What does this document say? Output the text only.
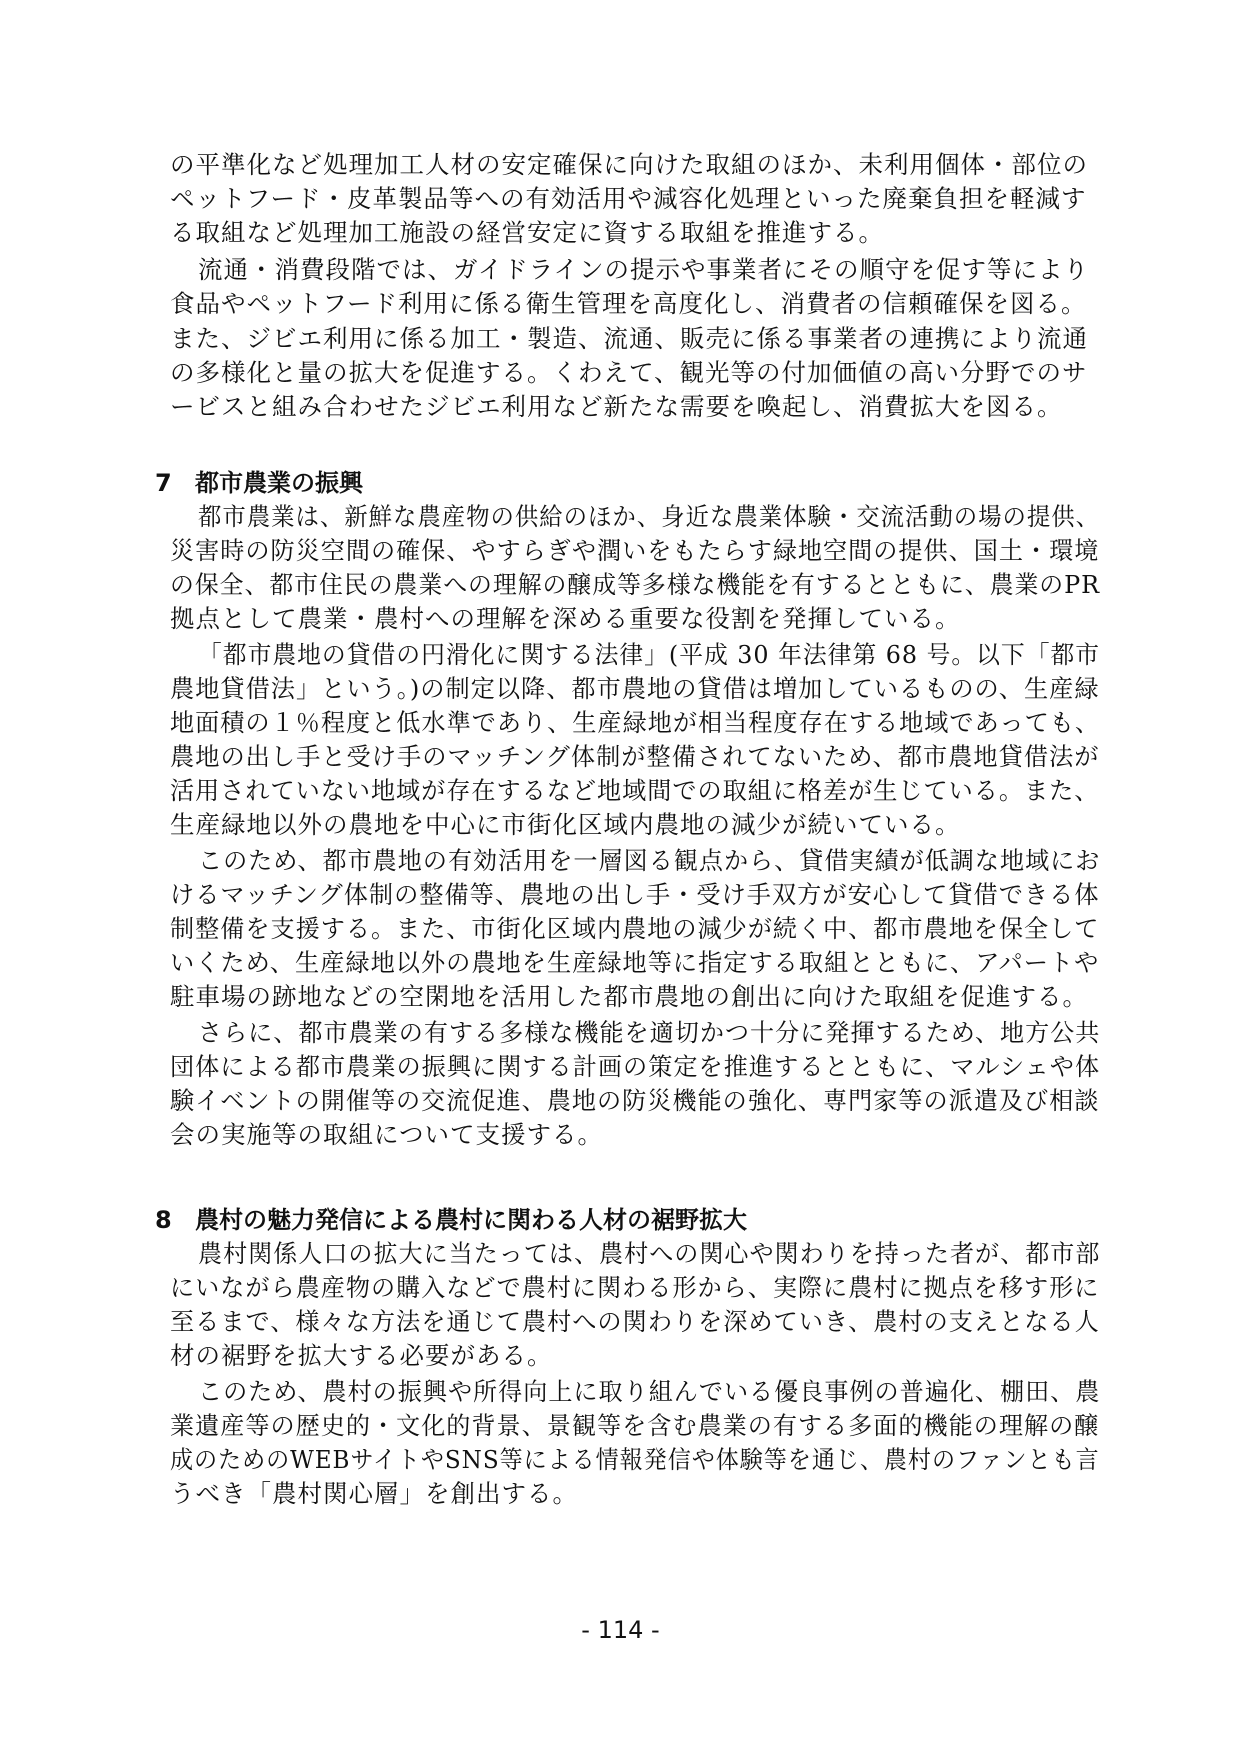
の平準化など処理加工人材の安定確保に向けた取組のほか、未利用個体・部位の
ペットフード・皮革製品等への有効活用や減容化処理といった廃棄負担を軽減す
る取組など処理加工施設の経営安定に資する取組を推進する。
流通・消費段階では、ガイドラインの提示や事業者にその順守を促す等により
食品やペットフード利用に係る衛生管理を高度化し、消費者の信頼確保を図る。
また、ジビエ利用に係る加工・製造、流通、販売に係る事業者の連携により流通
の多様化と量の拡大を促進する。くわえて、観光等の付加価値の高い分野でのサ
ービスと組み合わせたジビエ利用など新たな需要を喚起し、消費拡大を図る。
7 都市農業の振興
都市農業は、新鮮な農産物の供給のほか、身近な農業体験・交流活動の場の提供、
災害時の防災空間の確保、やすらぎや潤いをもたらす緑地空間の提供、国土・環境
の保全、都市住民の農業への理解の醸成等多様な機能を有するとともに、農業のPR
拠点として農業・農村への理解を深める重要な役割を発揮している。
「都市農地の貸借の円滑化に関する法律」(平成 30 年法律第 68 号。以下「都市
農地貸借法」という。)の制定以降、都市農地の貸借は増加しているものの、生産緑
地面積の１％程度と低水準であり、生産緑地が相当程度存在する地域であっても、
農地の出し手と受け手のマッチング体制が整備されてないため、都市農地貸借法が
活用されていない地域が存在するなど地域間での取組に格差が生じている。また、
生産緑地以外の農地を中心に市街化区域内農地の減少が続いている。
このため、都市農地の有効活用を一層図る観点から、貸借実績が低調な地域にお
けるマッチング体制の整備等、農地の出し手・受け手双方が安心して貸借できる体
制整備を支援する。また、市街化区域内農地の減少が続く中、都市農地を保全して
いくため、生産緑地以外の農地を生産緑地等に指定する取組とともに、アパートや
駐車場の跡地などの空閑地を活用した都市農地の創出に向けた取組を促進する。
さらに、都市農業の有する多様な機能を適切かつ十分に発揮するため、地方公共
団体による都市農業の振興に関する計画の策定を推進するとともに、マルシェや体
験イベントの開催等の交流促進、農地の防災機能の強化、専門家等の派遣及び相談
会の実施等の取組について支援する。
8 農村の魅力発信による農村に関わる人材の裾野拡大
農村関係人口の拡大に当たっては、農村への関心や関わりを持った者が、都市部
にいながら農産物の購入などで農村に関わる形から、実際に農村に拠点を移す形に
至るまで、様々な方法を通じて農村への関わりを深めていき、農村の支えとなる人
材の裾野を拡大する必要がある。
このため、農村の振興や所得向上に取り組んでいる優良事例の普遍化、棚田、農
業遺産等の歴史的・文化的背景、景観等を含む農業の有する多面的機能の理解の醸
成のためのWEBサイトやSNS等による情報発信や体験等を通じ、農村のファンとも言
うべき「農村関心層」を創出する。
- 114 -
